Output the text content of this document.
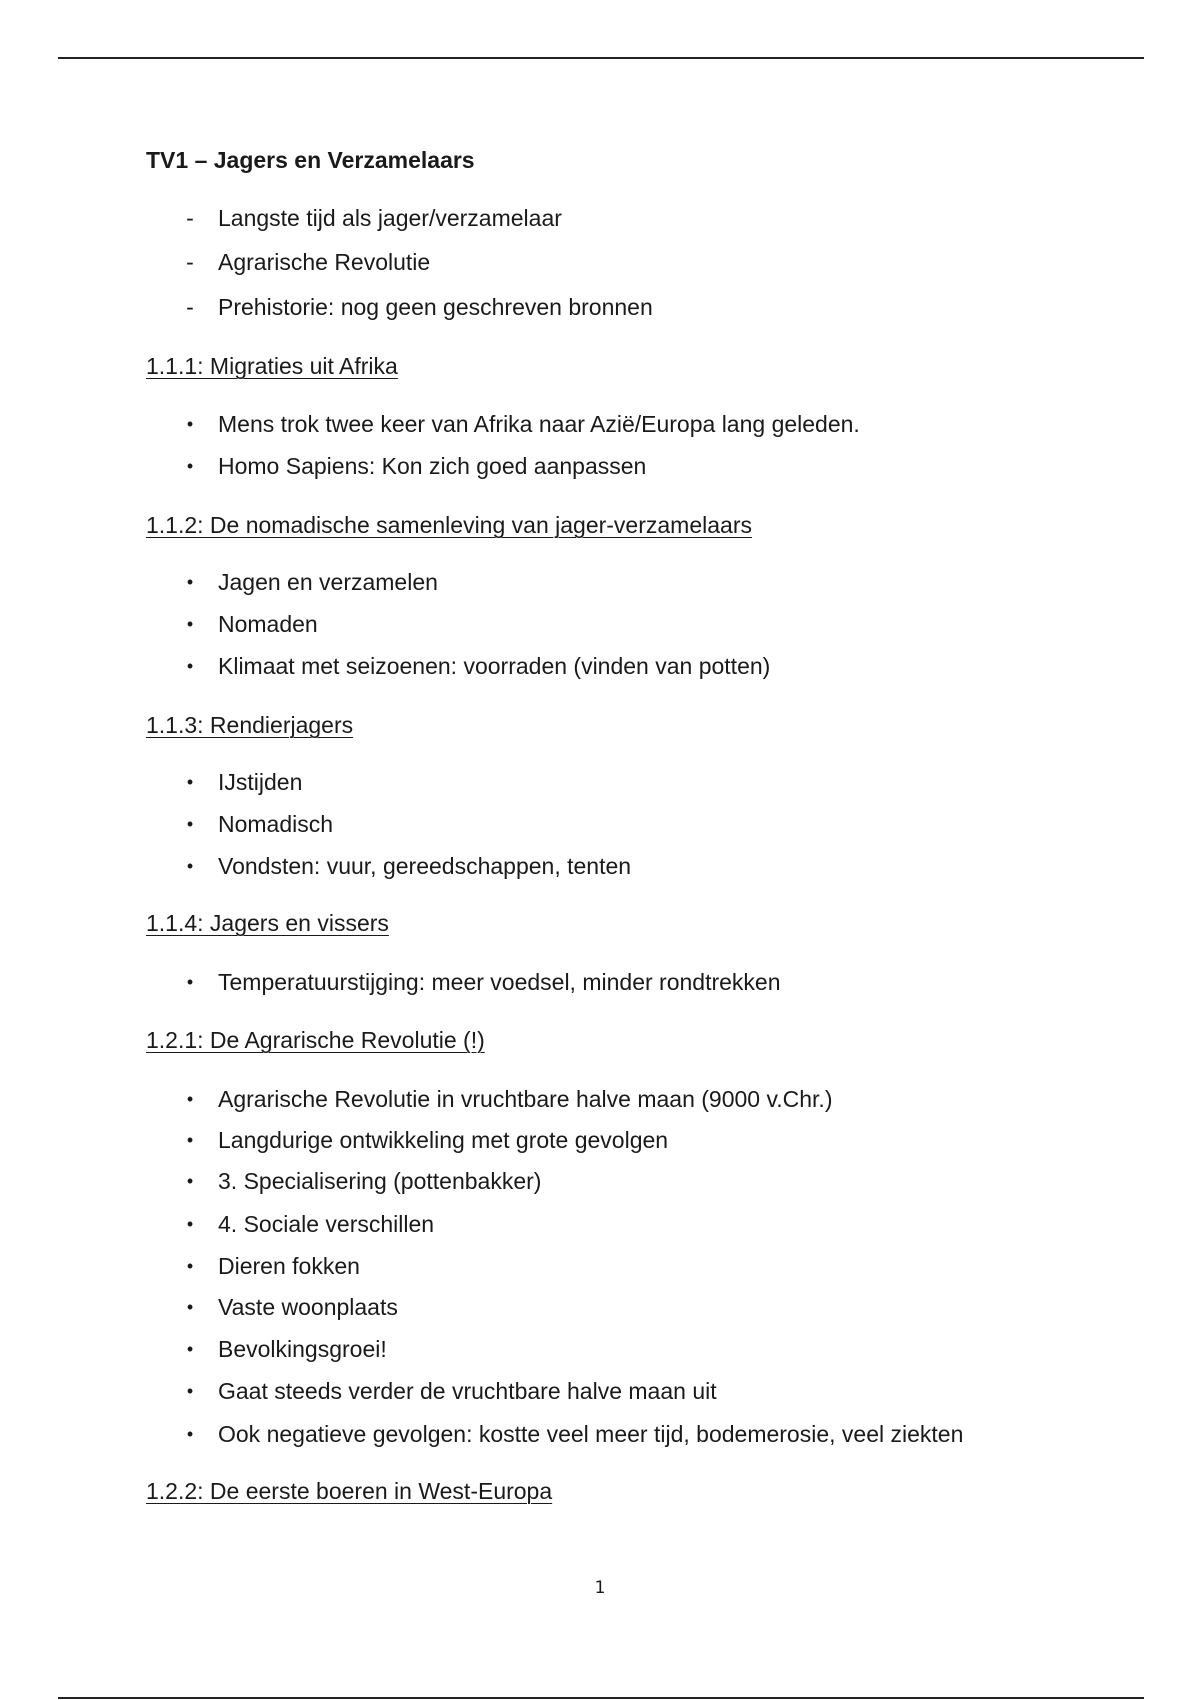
TV1 – Jagers en Verzamelaars
- Langste tijd als jager/verzamelaar
- Agrarische Revolutie
- Prehistorie: nog geen geschreven bronnen
1.1.1: Migraties uit Afrika
• Mens trok twee keer van Afrika naar Azië/Europa lang geleden.
• Homo Sapiens: Kon zich goed aanpassen
1.1.2: De nomadische samenleving van jager-verzamelaars
• Jagen en verzamelen
• Nomaden
• Klimaat met seizoenen: voorraden (vinden van potten)
1.1.3: Rendierjagers
• IJstijden
• Nomadisch
• Vondsten: vuur, gereedschappen, tenten
1.1.4: Jagers en vissers
• Temperatuurstijging: meer voedsel, minder rondtrekken
1.2.1: De Agrarische Revolutie (!)
• Agrarische Revolutie in vruchtbare halve maan (9000 v.Chr.)
• Langdurige ontwikkeling met grote gevolgen
• 3. Specialisering (pottenbakker)
• 4. Sociale verschillen
• Dieren fokken
• Vaste woonplaats
• Bevolkingsgroei!
• Gaat steeds verder de vruchtbare halve maan uit
• Ook negatieve gevolgen: kostte veel meer tijd, bodemerosie, veel ziekten
1.2.2: De eerste boeren in West-Europa
1
